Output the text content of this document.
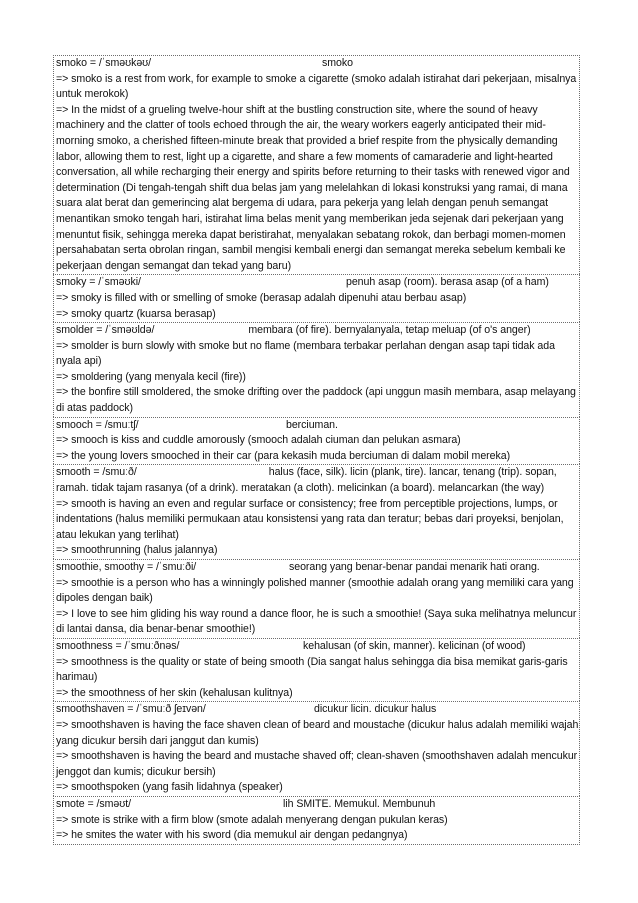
smoko = /ˈsməʊkəʊ/	smoko
=> smoko is a rest from work, for example to smoke a cigarette (smoko adalah istirahat dari pekerjaan, misalnya untuk merokok)
=> In the midst of a grueling twelve-hour shift at the bustling construction site, where the sound of heavy machinery and the clatter of tools echoed through the air, the weary workers eagerly anticipated their mid-morning smoko, a cherished fifteen-minute break that provided a brief respite from the physically demanding labor, allowing them to rest, light up a cigarette, and share a few moments of camaraderie and light-hearted conversation, all while recharging their energy and spirits before returning to their tasks with renewed vigor and determination (Di tengah-tengah shift dua belas jam yang melelahkan di lokasi konstruksi yang ramai, di mana suara alat berat dan gemerincing alat bergema di udara, para pekerja yang lelah dengan penuh semangat menantikan smoko tengah hari, istirahat lima belas menit yang memberikan jeda sejenak dari pekerjaan yang menuntut fisik, sehingga mereka dapat beristirahat, menyalakan sebatang rokok, dan berbagi momen-momen persahabatan serta obrolan ringan, sambil mengisi kembali energi dan semangat mereka sebelum kembali ke pekerjaan dengan semangat dan tekad yang baru)
smoky = /ˈsməʊki/	penuh asap (room). berasa asap (of a ham)
=> smoky is filled with or smelling of smoke (berasap adalah dipenuhi atau berbau asap)
=> smoky quartz (kuarsa berasap)
smolder = /ˈsməʊldə/	membara (of fire). bernyalanyala, tetap meluap (of o's anger)
=> smolder is burn slowly with smoke but no flame (membara terbakar perlahan dengan asap tapi tidak ada nyala api)
=> smoldering (yang menyala kecil (fire))
=> the bonfire still smoldered, the smoke drifting over the paddock (api unggun masih membara, asap melayang di atas paddock)
smooch = /smuːtʃ/	berciuman.
=> smooch is kiss and cuddle amorously (smooch adalah ciuman dan pelukan asmara)
=> the young lovers smooched in their car (para kekasih muda berciuman di dalam mobil mereka)
smooth = /smuːð/	halus (face, silk). licin (plank, tire). lancar, tenang (trip). sopan, ramah. tidak tajam rasanya (of a drink). meratakan (a cloth). melicinkan (a board). melancarkan (the way)
=> smooth is having an even and regular surface or consistency; free from perceptible projections, lumps, or indentations (halus memiliki permukaan atau konsistensi yang rata dan teratur; bebas dari proyeksi, benjolan, atau lekukan yang terlihat)
=> smoothrunning (halus jalannya)
smoothie, smoothy = /ˈsmuːði/	seorang yang benar-benar pandai menarik hati orang.
=> smoothie is a person who has a winningly polished manner (smoothie adalah orang yang memiliki cara yang dipoles dengan baik)
=> I love to see him gliding his way round a dance floor, he is such a smoothie! (Saya suka melihatnya meluncur di lantai dansa, dia benar-benar smoothie!)
smoothness = /ˈsmuːðnəs/	kehalusan (of skin, manner). kelicinan (of wood)
=> smoothness is the quality or state of being smooth (Dia sangat halus sehingga dia bisa memikat garis-garis harimau)
=> the smoothness of her skin (kehalusan kulitnya)
smoothshaven = /ˈsmuːð ʃeɪvən/	dicukur licin. dicukur halus
=> smoothshaven is having the face shaven clean of beard and moustache (dicukur halus adalah memiliki wajah yang dicukur bersih dari janggut dan kumis)
=> smoothshaven is having the beard and mustache shaved off; clean-shaven (smoothshaven adalah mencukur jenggot dan kumis; dicukur bersih)
=> smoothspoken (yang fasih lidahnya (speaker)
smote = /sməʊt/	lih SMITE. Memukul. Membunuh
=> smote is strike with a firm blow (smote adalah menyerang dengan pukulan keras)
=> he smites the water with his sword (dia memukul air dengan pedangnya)
